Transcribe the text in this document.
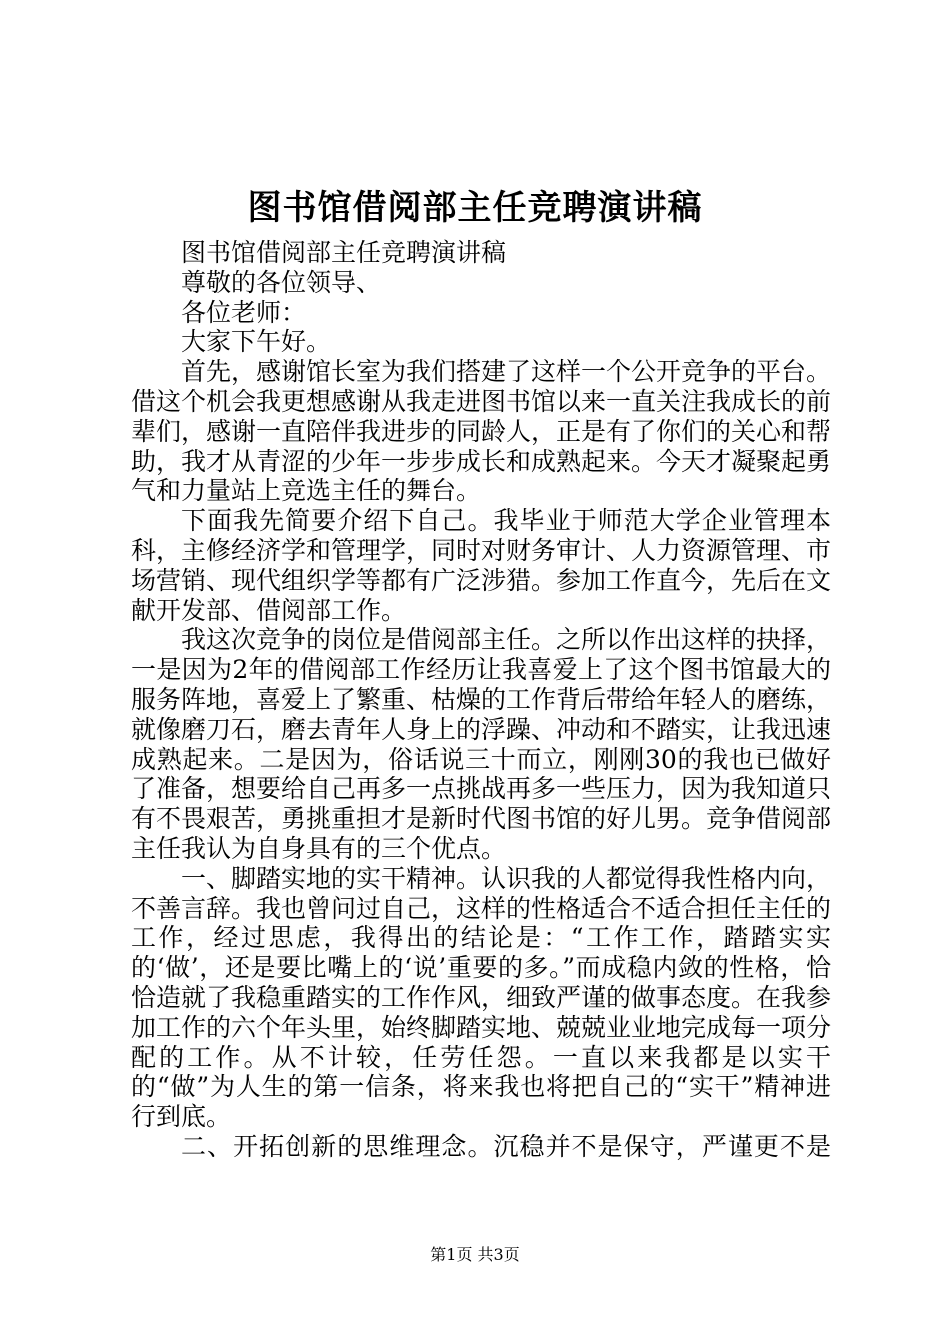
图书馆借阅部主任竞聘演讲稿

图书馆借阅部主任竞聘演讲稿

尊敬的各位领导、

各位老师：

大家下午好。

首先，感谢馆长室为我们搭建了这样一个公开竞争的平台。借这个机会我更想感谢从我走进图书馆以来一直关注我成长的前辈们，感谢一直陪伴我进步的同龄人，正是有了你们的关心和帮助，我才从青涩的少年一步步成长和成熟起来。今天才凝聚起勇气和力量站上竞选主任的舞台。

下面我先简要介绍下自己。我毕业于师范大学企业管理本科，主修经济学和管理学，同时对财务审计、人力资源管理、市场营销、现代组织学等都有广泛涉猎。参加工作直今，先后在文献开发部、借阅部工作。

我这次竞争的岗位是借阅部主任。之所以作出这样的抉择，一是因为2年的借阅部工作经历让我喜爱上了这个图书馆最大的服务阵地，喜爱上了繁重、枯燥的工作背后带给年轻人的磨练，就像磨刀石，磨去青年人身上的浮躁、冲动和不踏实，让我迅速成熟起来。二是因为，俗话说三十而立，刚刚30的我也已做好了准备，想要给自己再多一点挑战再多一些压力，因为我知道只有不畏艰苦，勇挑重担才是新时代图书馆的好儿男。竞争借阅部主任我认为自身具有的三个优点。

一、脚踏实地的实干精神。认识我的人都觉得我性格内向，不善言辞。我也曾问过自己，这样的性格适合不适合担任主任的工作，经过思虑，我得出的结论是：“工作工作，踏踏实实的‘做’，还是要比嘴上的‘说’重要的多。”而成稳内敛的性格，恰恰造就了我稳重踏实的工作作风，细致严谨的做事态度。在我参加工作的六个年头里，始终脚踏实地、兢兢业业地完成每一项分配的工作。从不计较，任劳任怨。一直以来我都是以实干的“做”为人生的第一信条，将来我也将把自己的“实干”精神进行到底。

二、开拓创新的思维理念。沉稳并不是保守，严谨更不是

第1页 共3页
